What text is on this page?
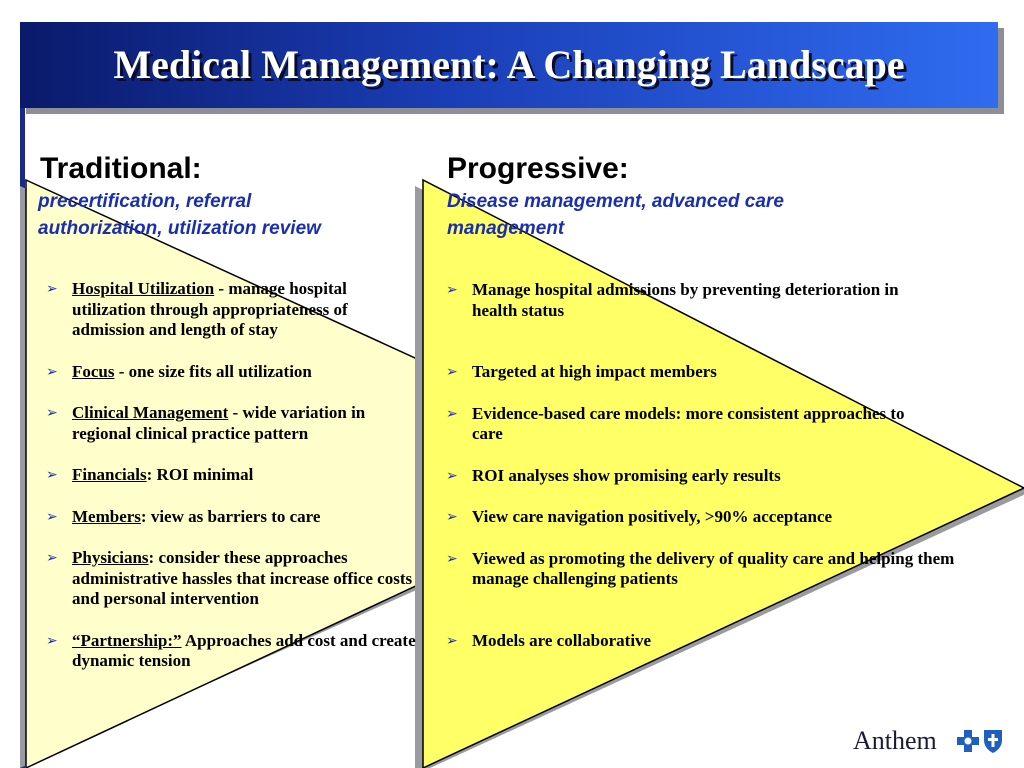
Medical Management: A Changing Landscape
Traditional:
precertification, referral
authorization, utilization review
Progressive:
Disease management, advanced care
management
➢ Hospital Utilization - manage hospital utilization through appropriateness of admission and length of stay
➢ Focus - one size fits all utilization
➢ Clinical Management - wide variation in regional clinical practice pattern
➢ Financials: ROI minimal
➢ Members: view as barriers to care
➢ Physicians: consider these approaches administrative hassles that increase office costs and personal intervention
➢ “Partnership:” Approaches add cost and create dynamic tension
➢ Manage hospital admissions by preventing deterioration in health status
➢ Targeted at high impact members
➢ Evidence-based care models: more consistent approaches to care
➢ ROI analyses show promising early results
➢ View care navigation positively, >90% acceptance
➢ Viewed as promoting the delivery of quality care and helping them manage challenging patients
➢ Models are collaborative
Anthem
